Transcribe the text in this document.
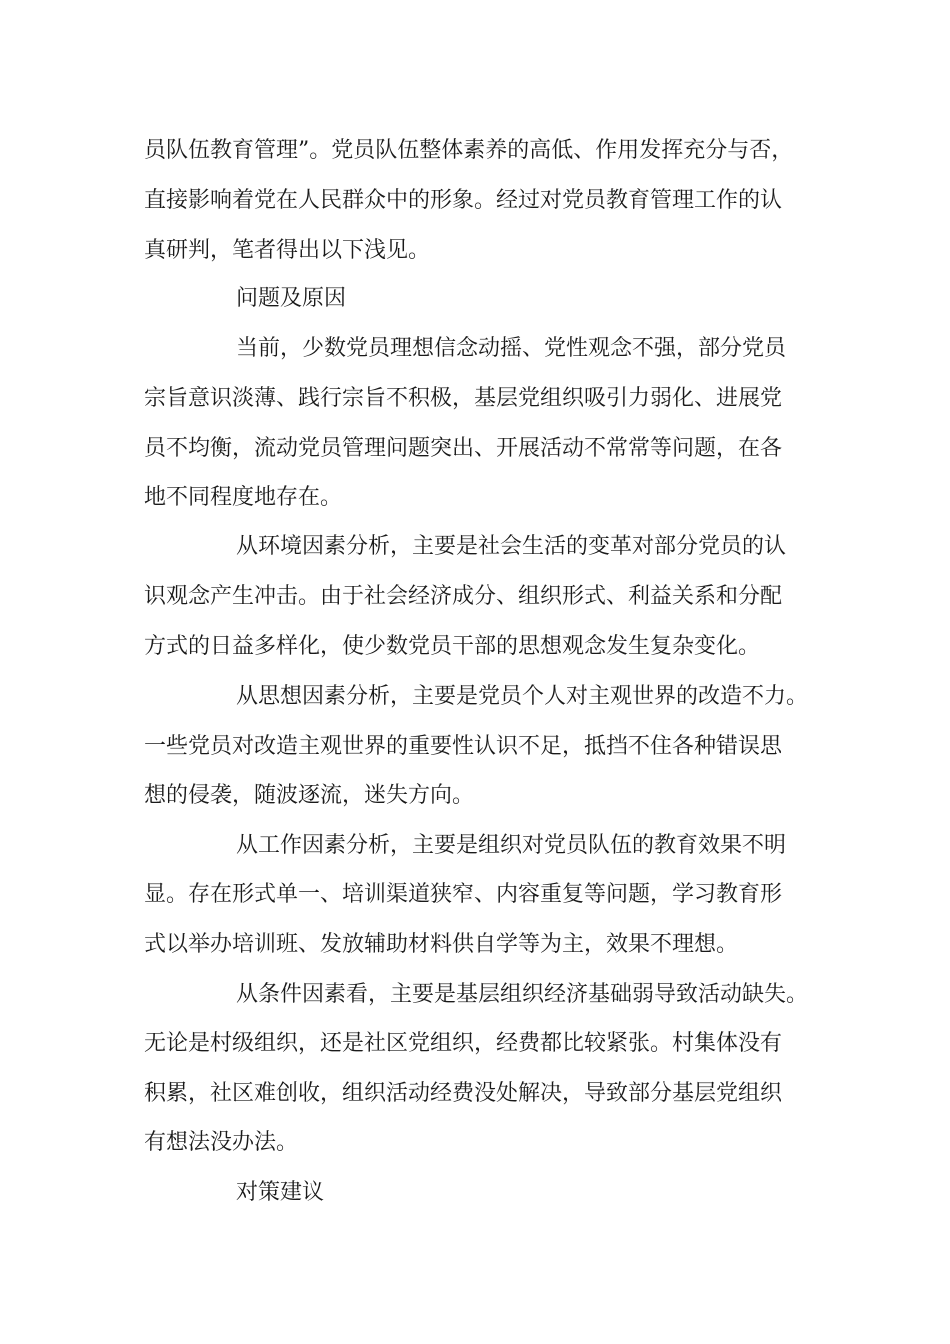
员队伍教育管理”。党员队伍整体素养的高低、作用发挥充分与否，

直接影响着党在人民群众中的形象。经过对党员教育管理工作的认

真研判，笔者得出以下浅见。

问题及原因

当前，少数党员理想信念动摇、党性观念不强，部分党员

宗旨意识淡薄、践行宗旨不积极，基层党组织吸引力弱化、进展党

员不均衡，流动党员管理问题突出、开展活动不常常等问题，在各

地不同程度地存在。

从环境因素分析，主要是社会生活的变革对部分党员的认

识观念产生冲击。由于社会经济成分、组织形式、利益关系和分配

方式的日益多样化，使少数党员干部的思想观念发生复杂变化。

从思想因素分析，主要是党员个人对主观世界的改造不力。

一些党员对改造主观世界的重要性认识不足，抵挡不住各种错误思

想的侵袭，随波逐流，迷失方向。

从工作因素分析，主要是组织对党员队伍的教育效果不明

显。存在形式单一、培训渠道狭窄、内容重复等问题，学习教育形

式以举办培训班、发放辅助材料供自学等为主，效果不理想。

从条件因素看，主要是基层组织经济基础弱导致活动缺失。

无论是村级组织，还是社区党组织，经费都比较紧张。村集体没有

积累，社区难创收，组织活动经费没处解决，导致部分基层党组织

有想法没办法。

对策建议
